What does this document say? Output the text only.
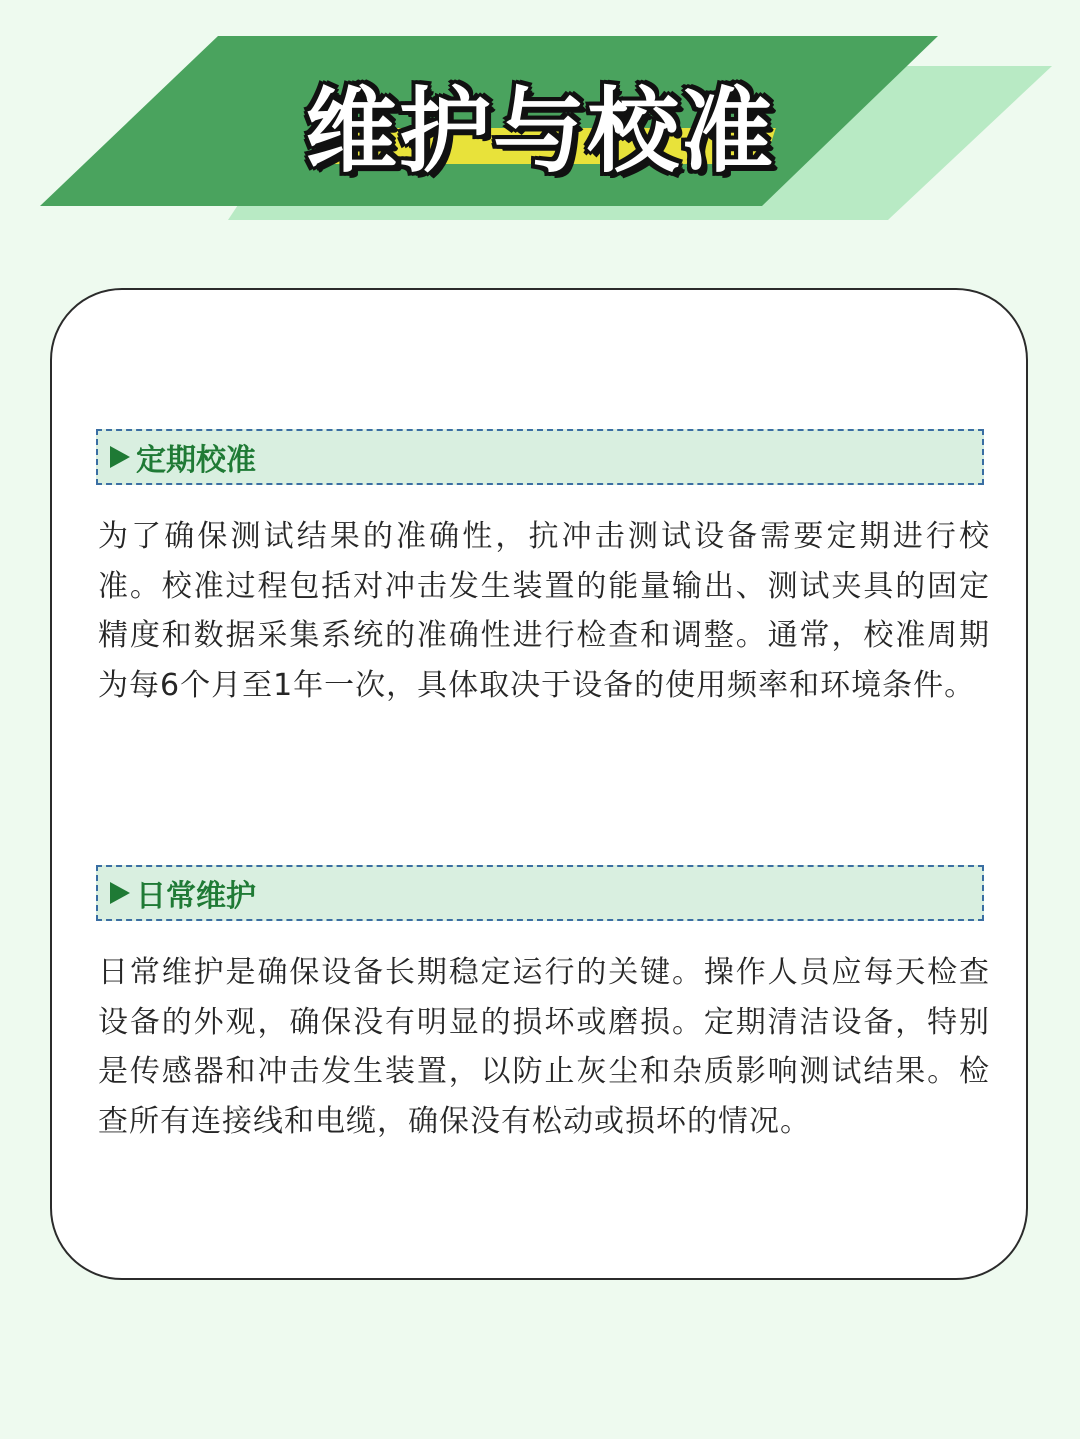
维护与校准
定期校准
为了确保测试结果的准确性，抗冲击测试设备需要定期进行校准。校准过程包括对冲击发生装置的能量输出、测试夹具的固定精度和数据采集系统的准确性进行检查和调整。通常，校准周期为每6个月至1年一次，具体取决于设备的使用频率和环境条件。
日常维护
日常维护是确保设备长期稳定运行的关键。操作人员应每天检查设备的外观，确保没有明显的损坏或磨损。定期清洁设备，特别是传感器和冲击发生装置，以防止灰尘和杂质影响测试结果。检查所有连接线和电缆，确保没有松动或损坏的情况。
